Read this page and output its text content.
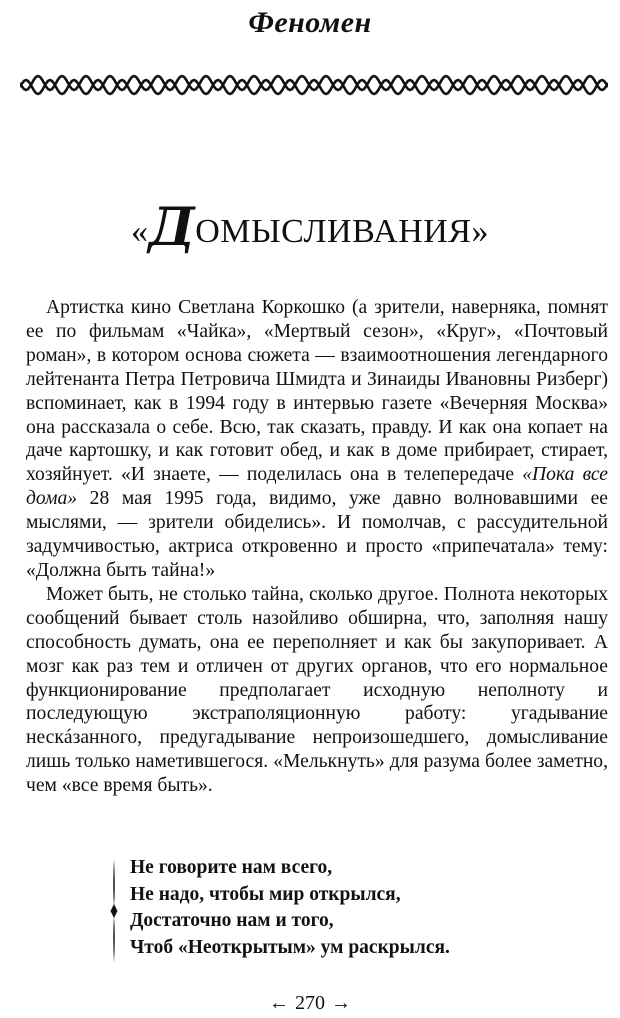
Феномен
«ДОМЫСЛИВАНИЯ»

Артистка кино Светлана Коркошко (а зрители, наверняка, помнят ее по фильмам «Чайка», «Мертвый сезон», «Круг», «Почтовый роман», в котором основа сюжета — взаимоотношения легендарного лейтенанта Петра Петровича Шмидта и Зинаиды Ивановны Ризберг) вспоминает, как в 1994 году в интервью газете «Вечерняя Москва» она рассказала о себе. Всю, так сказать, правду. И как она копает на даче картошку, и как готовит обед, и как в доме прибирает, стирает, хозяйнует. «И знаете, — поделилась она в телепередаче «Пока все дома» 28 мая 1995 года, видимо, уже давно волновавшими ее мыслями, — зрители обиделись». И помолчав, с рассудительной задумчивостью, актриса откровенно и просто «припечатала» тему: «Должна быть тайна!»

Может быть, не столько тайна, сколько другое. Полнота некоторых сообщений бывает столь назойливо обширна, что, заполняя нашу способность думать, она ее переполняет и как бы закупоривает. А мозг как раз тем и отличен от других органов, что его нормальное функционирование предполагает исходную неполноту и последующую экстраполяционную работу: угадывание нескáзанного, предугадывание непроизошедшего, домысливание лишь только наметившегося. «Мелькнуть» для разума более заметно, чем «все время быть».

Не говорите нам всего,
Не надо, чтобы мир открылся,
Достаточно нам и того,
Чтоб «Неоткрытым» ум раскрылся.
← 270 →
